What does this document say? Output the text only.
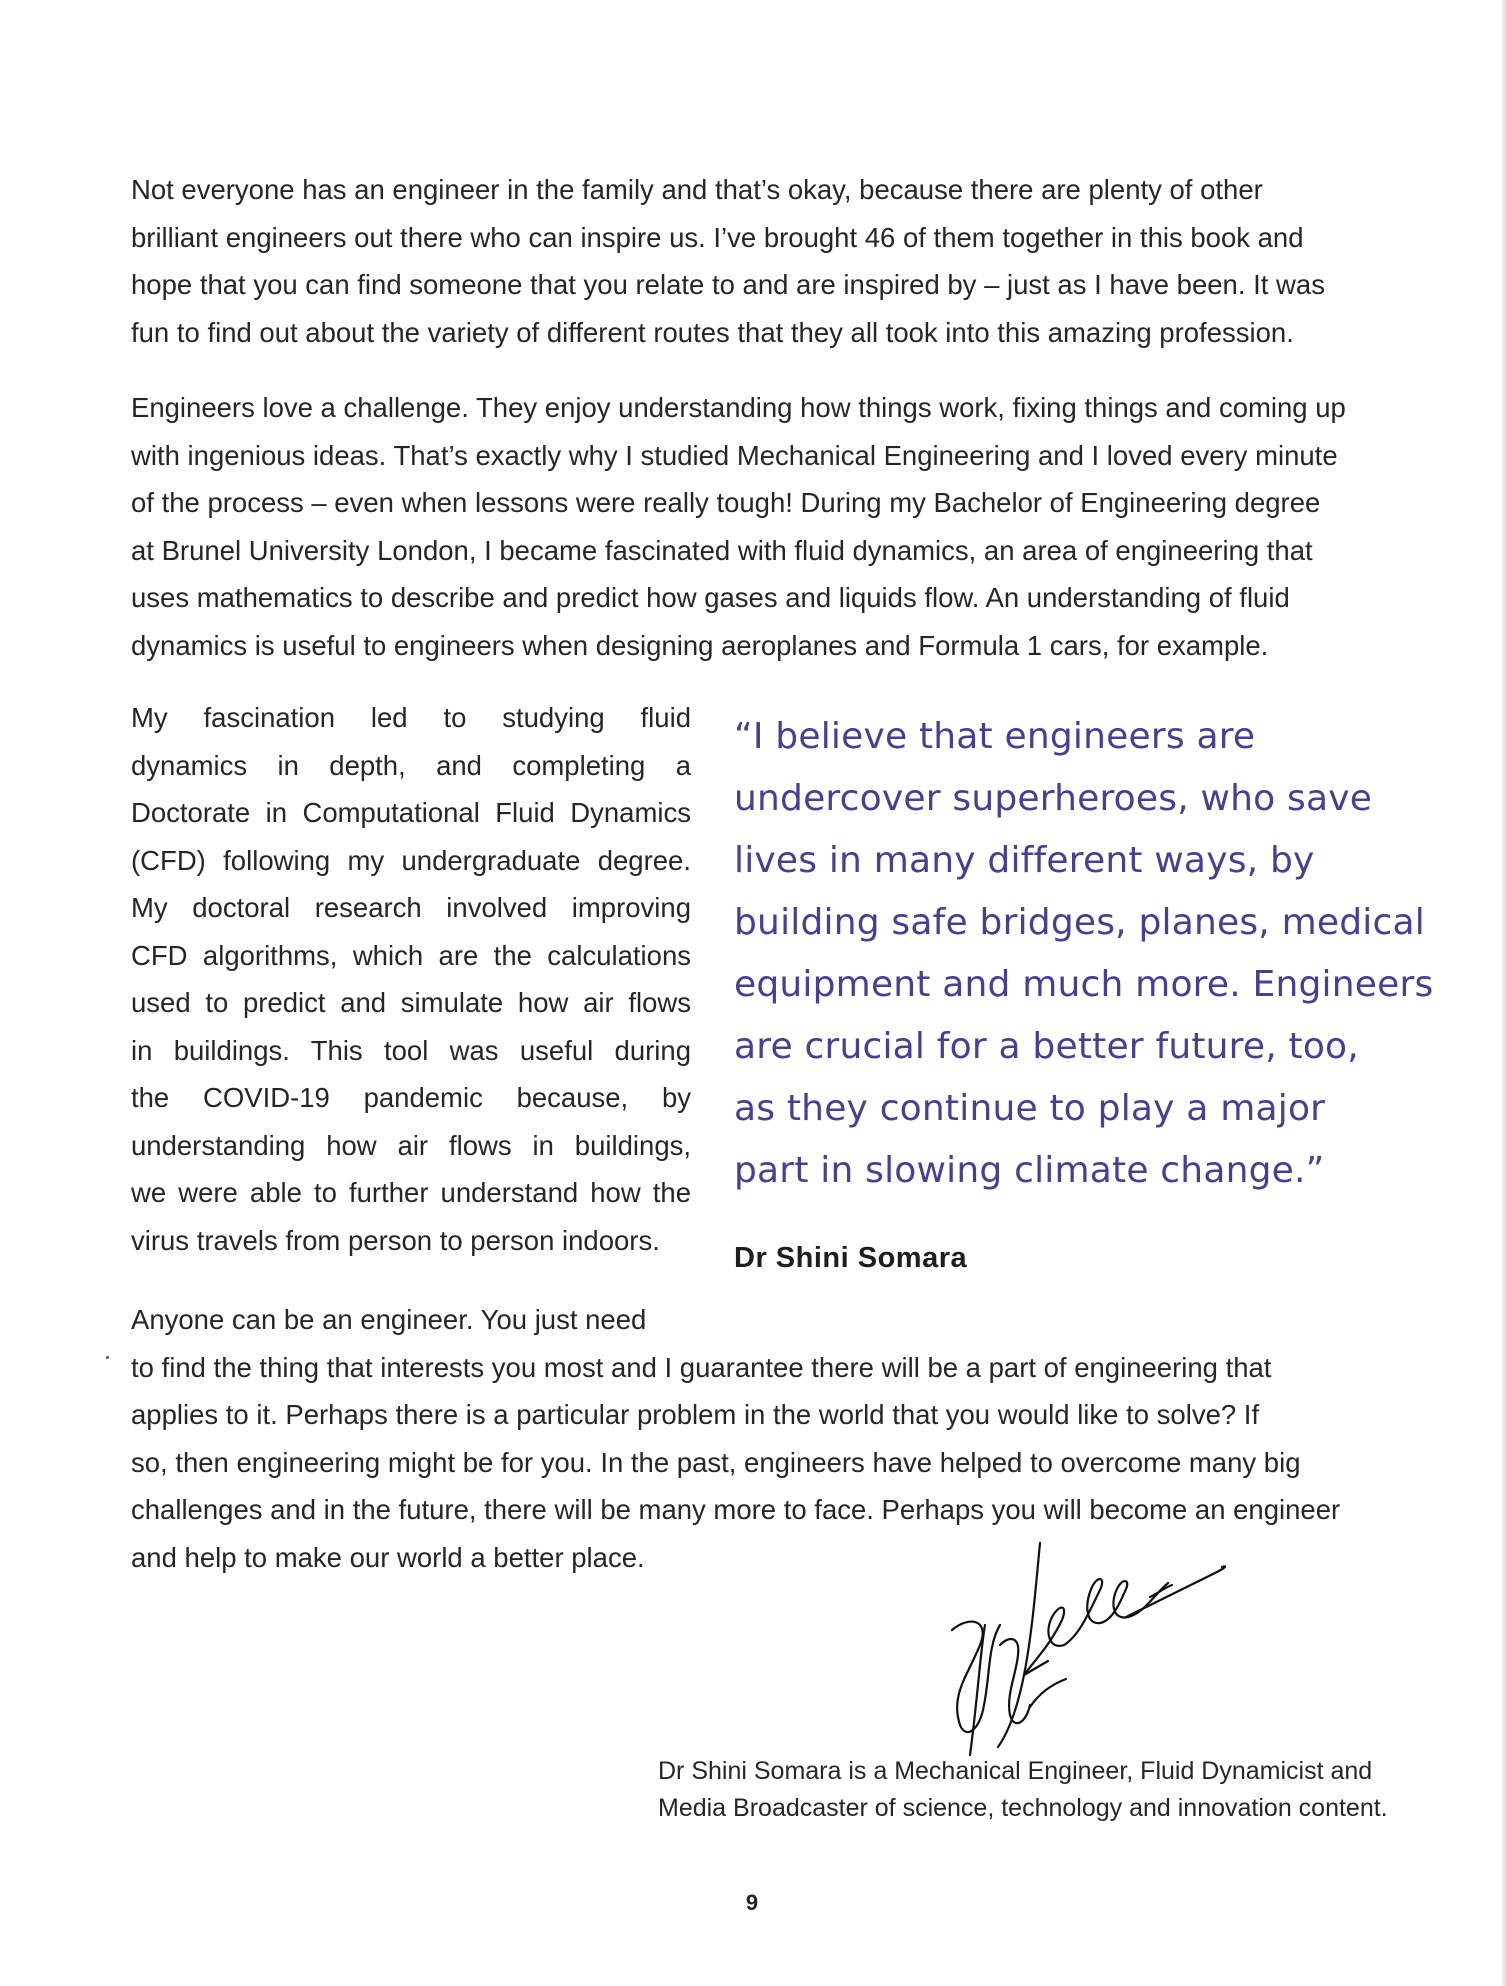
Not everyone has an engineer in the family and that’s okay, because there are plenty of other
brilliant engineers out there who can inspire us. I’ve brought 46 of them together in this book and
hope that you can find someone that you relate to and are inspired by – just as I have been. It was
fun to find out about the variety of different routes that they all took into this amazing profession.

Engineers love a challenge. They enjoy understanding how things work, fixing things and coming up
with ingenious ideas. That’s exactly why I studied Mechanical Engineering and I loved every minute
of the process – even when lessons were really tough! During my Bachelor of Engineering degree
at Brunel University London, I became fascinated with fluid dynamics, an area of engineering that
uses mathematics to describe and predict how gases and liquids flow. An understanding of fluid
dynamics is useful to engineers when designing aeroplanes and Formula 1 cars, for example.

My fascination led to studying fluid
dynamics in depth, and completing a
Doctorate in Computational Fluid Dynamics
(CFD) following my undergraduate degree.
My doctoral research involved improving
CFD algorithms, which are the calculations
used to predict and simulate how air flows
in buildings. This tool was useful during
the COVID-19 pandemic because, by
understanding how air flows in buildings,
we were able to further understand how the
virus travels from person to person indoors.

“I believe that engineers are
undercover superheroes, who save
lives in many different ways, by
building safe bridges, planes, medical
equipment and much more. Engineers
are crucial for a better future, too,
as they continue to play a major
part in slowing climate change.”

Dr Shini Somara

Anyone can be an engineer. You just need
to find the thing that interests you most and I guarantee there will be a part of engineering that
applies to it. Perhaps there is a particular problem in the world that you would like to solve? If
so, then engineering might be for you. In the past, engineers have helped to overcome many big
challenges and in the future, there will be many more to face. Perhaps you will become an engineer
and help to make our world a better place.

Dr Shini Somara is a Mechanical Engineer, Fluid Dynamicist and
Media Broadcaster of science, technology and innovation content.
9
